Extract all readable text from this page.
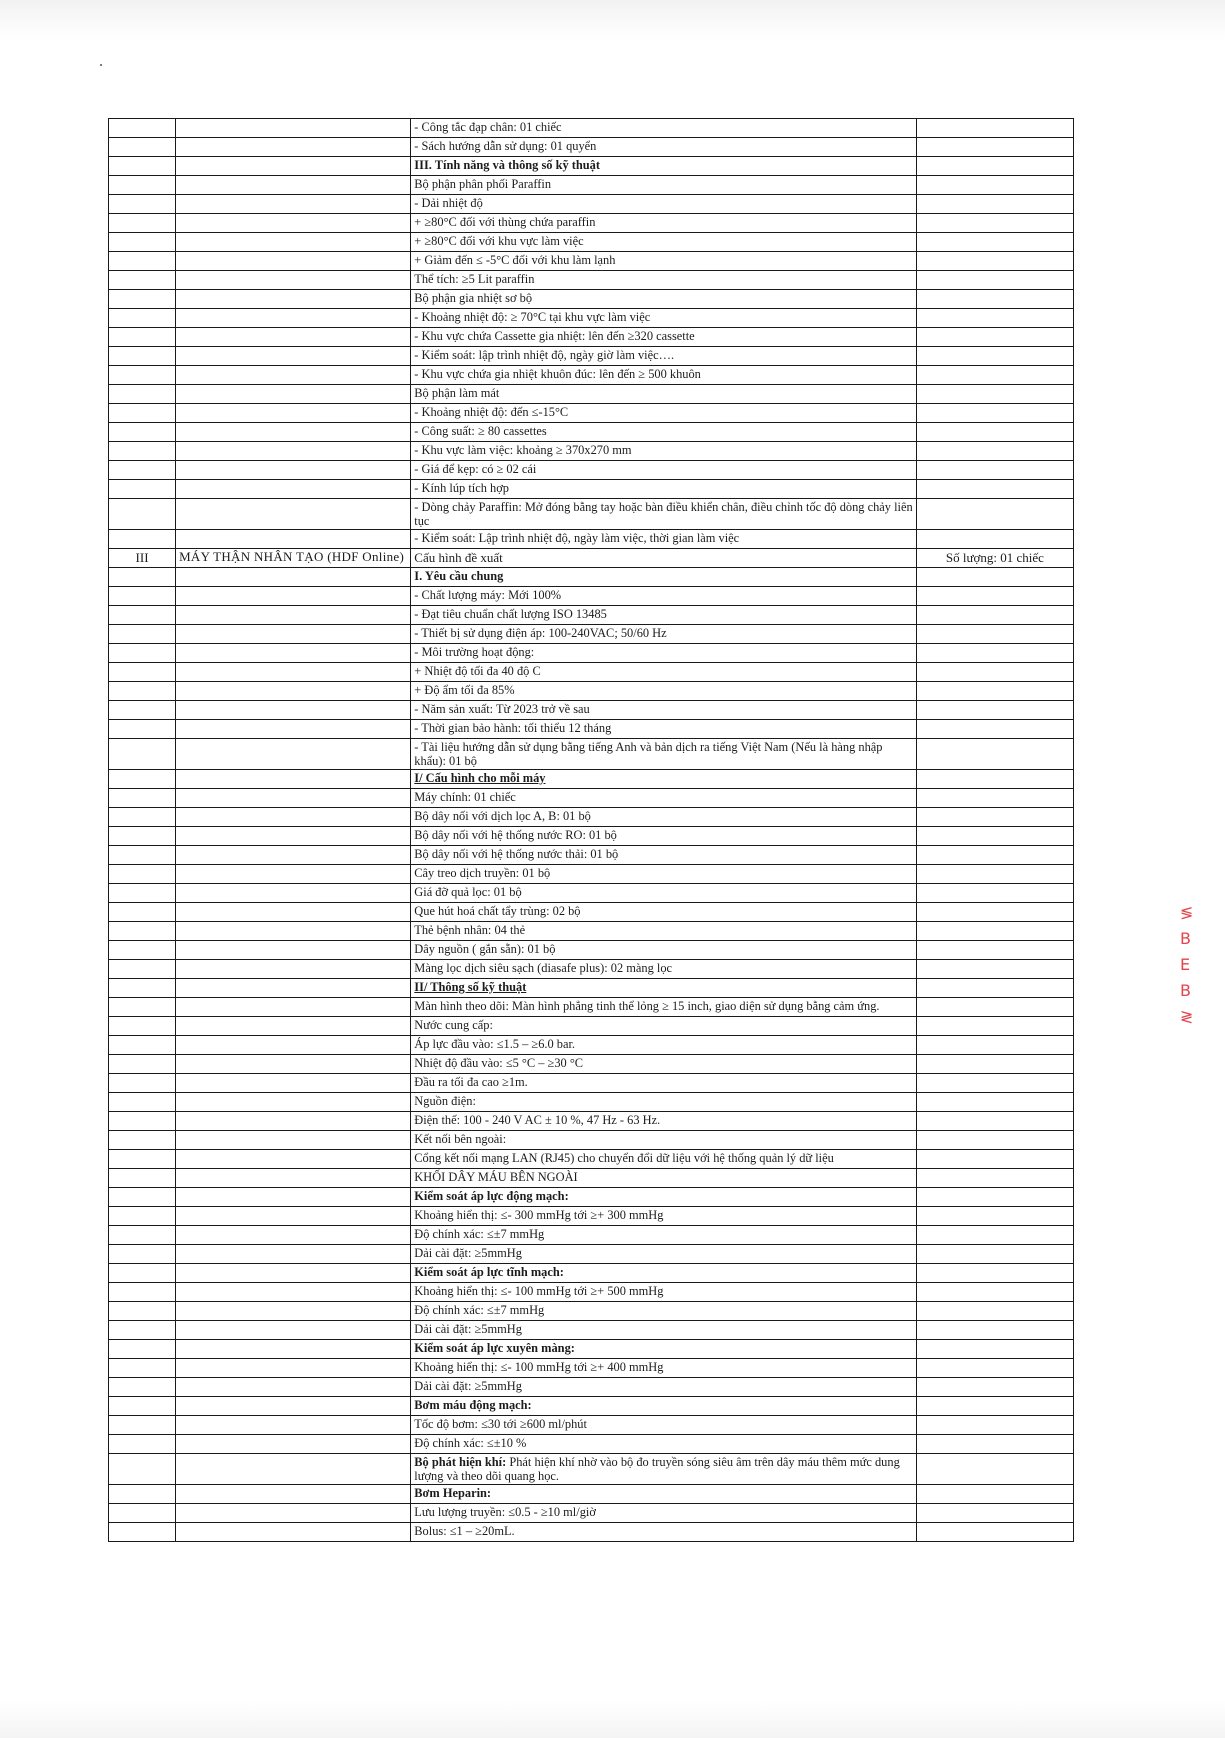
		- Công tắc đạp chân: 01 chiếc	
		- Sách hướng dẫn sử dụng: 01 quyển	
		III. Tính năng và thông số kỹ thuật	
		Bộ phận phân phối Paraffin	
		- Dải nhiệt độ	
		+ ≥80°C đối với thùng chứa paraffin	
		+ ≥80°C đối với khu vực làm việc	
		+ Giảm đến ≤ -5°C đối với khu làm lạnh	
		Thể tích: ≥5 Lit paraffin	
		Bộ phận gia nhiệt sơ bộ	
		- Khoảng nhiệt độ: ≥ 70°C tại khu vực làm việc	
		- Khu vực chứa Cassette gia nhiệt: lên đến ≥320 cassette	
		- Kiểm soát: lập trình nhiệt độ, ngày giờ làm việc….	
		- Khu vực chứa gia nhiệt khuôn đúc: lên đến ≥ 500 khuôn	
		Bộ phận làm mát	
		- Khoảng nhiệt độ: đến ≤-15°C	
		- Công suất: ≥ 80 cassettes	
		- Khu vực làm việc: khoảng ≥ 370x270 mm	
		- Giá để kẹp: có ≥ 02 cái	
		- Kính lúp tích hợp	
		- Dòng chảy Paraffin: Mở đóng bằng tay hoặc bàn điều khiển chân, điều chỉnh tốc độ dòng chảy liên tục	
		- Kiểm soát: Lập trình nhiệt độ, ngày làm việc, thời gian làm việc	
III	MÁY THẬN NHÂN TẠO (HDF Online)	Cấu hình đề xuất	Số lượng: 01 chiếc
		I. Yêu cầu chung	
		- Chất lượng máy: Mới 100%	
		- Đạt tiêu chuẩn chất lượng ISO 13485	
		- Thiết bị sử dụng điện áp: 100-240VAC; 50/60 Hz	
		- Môi trường hoạt động:	
		+ Nhiệt độ tối đa 40 độ C	
		+ Độ ẩm tối đa 85%	
		- Năm sản xuất: Từ 2023 trở về sau	
		- Thời gian bảo hành: tối thiểu 12 tháng	
		- Tài liệu hướng dẫn sử dụng bằng tiếng Anh và bản dịch ra tiếng Việt Nam (Nếu là hàng nhập khẩu): 01 bộ	
		I/ Cấu hình cho mỗi máy	
		Máy chính: 01 chiếc	
		Bộ dây nối với dịch lọc A, B: 01 bộ	
		Bộ dây nối với hệ thống nước RO: 01 bộ	
		Bộ dây nối với hệ thống nước thải: 01 bộ	
		Cây treo dịch truyền: 01 bộ	
		Giá đỡ quả lọc: 01 bộ	
		Que hút hoá chất tẩy trùng: 02 bộ	
		Thẻ bệnh nhân: 04 thẻ	
		Dây nguồn ( gắn sẵn): 01 bộ	
		Màng lọc dịch siêu sạch (diasafe plus): 02 màng lọc	
		II/ Thông số kỹ thuật	
		Màn hình theo dõi: Màn hình phẳng tinh thể lỏng ≥ 15 inch, giao diện sử dụng bằng cảm ứng.	
		Nước cung cấp:	
		Áp lực đầu vào: ≤1.5 – ≥6.0 bar.	
		Nhiệt độ đầu vào: ≤5 °C – ≥30 °C	
		Đầu ra tối đa cao ≥1m.	
		Nguồn điện:	
		Điện thế: 100 - 240 V AC ± 10 %, 47 Hz - 63 Hz.	
		Kết nối bên ngoài:	
		Cổng kết nối mạng LAN (RJ45) cho chuyển đổi dữ liệu với hệ thống quản lý dữ liệu	
		KHỐI DÂY MÁU BÊN NGOÀI	
		Kiểm soát áp lực động mạch:	
		Khoảng hiển thị: ≤- 300 mmHg tới ≥+ 300 mmHg	
		Độ chính xác: ≤±7 mmHg	
		Dải cài đặt: ≥5mmHg	
		Kiểm soát áp lực tĩnh mạch:	
		Khoảng hiển thị: ≤- 100 mmHg tới ≥+ 500 mmHg	
		Độ chính xác: ≤±7 mmHg	
		Dải cài đặt: ≥5mmHg	
		Kiểm soát áp lực xuyên màng:	
		Khoảng hiển thị: ≤- 100 mmHg tới ≥+ 400 mmHg	
		Dải cài đặt: ≥5mmHg	
		Bơm máu động mạch:	
		Tốc độ bơm: ≤30 tới ≥600 ml/phút	
		Độ chính xác: ≤±10 %	
		Bộ phát hiện khí: Phát hiện khí nhờ vào bộ đo truyền sóng siêu âm trên dây máu thêm mức dung lượng và theo dõi quang học.	
		Bơm Heparin:	
		Lưu lượng truyền: ≤0.5 - ≥10 ml/giờ	
		Bolus: ≤1 – ≥20mL.	
≶
B
E
B
≷
